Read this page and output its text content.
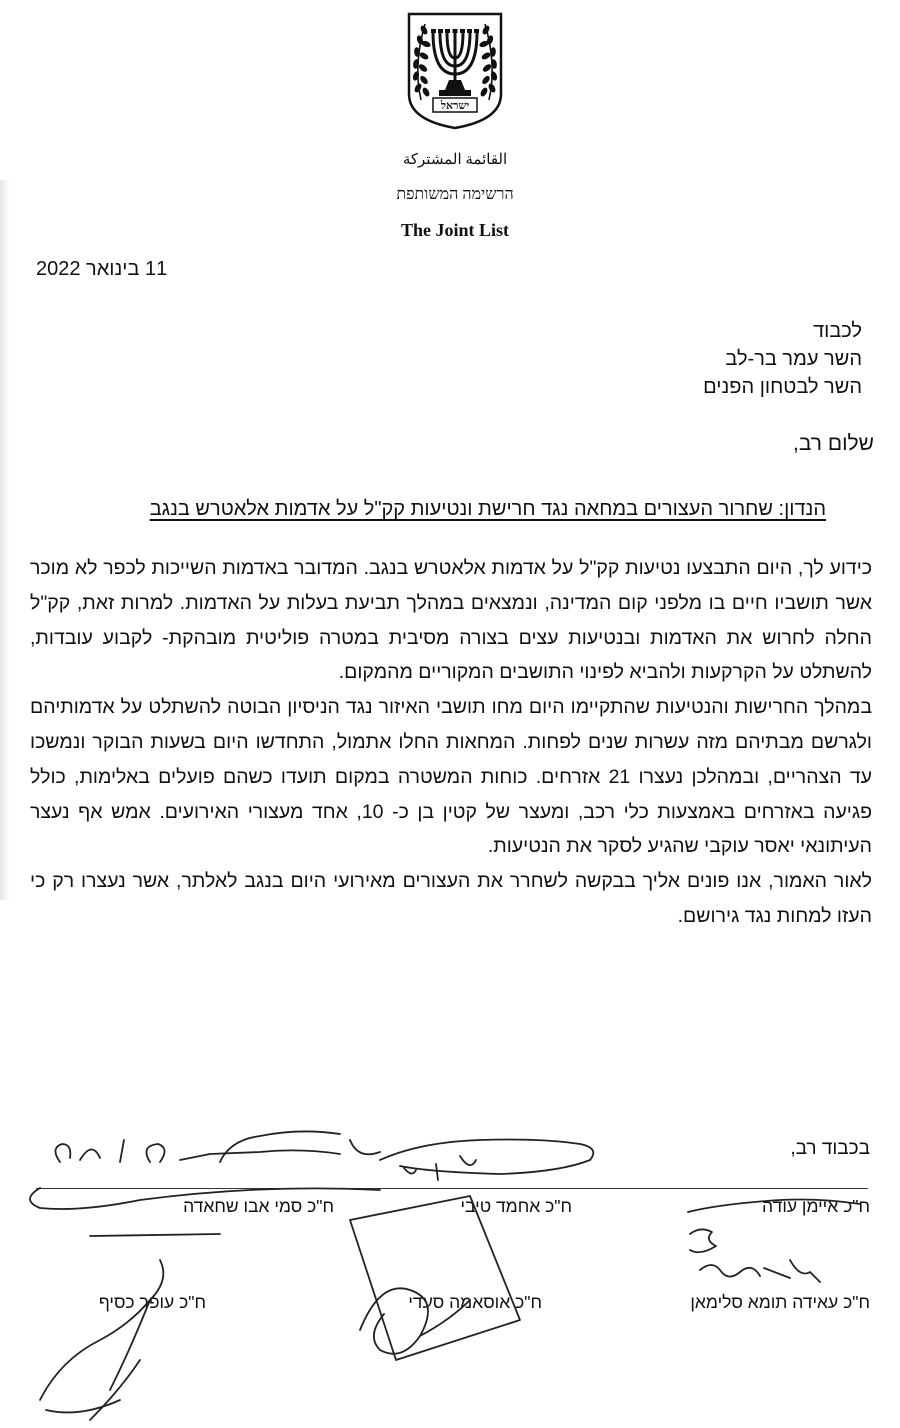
ישראל
القائمة المشتركة
הרשימה המשותפת
The Joint List
11 בינואר 2022
לכבוד
השר עמר בר-לב
השר לבטחון הפנים
שלום רב,
הנדון: שחרור העצורים במחאה נגד חרישת ונטיעות קק"ל על אדמות אלאטרש בנגב

כידוע לך, היום התבצעו נטיעות קק"ל על אדמות אלאטרש בנגב. המדובר באדמות השייכות לכפר לא מוכר אשר תושביו חיים בו מלפני קום המדינה, ונמצאים במהלך תביעת בעלות על האדמות. למרות זאת, קק"ל החלה לחרוש את האדמות ובנטיעות עצים בצורה מסיבית במטרה פוליטית מובהקת- לקבוע עובדות, להשתלט על הקרקעות ולהביא לפינוי התושבים המקוריים מהמקום.

במהלך החרישות והנטיעות שהתקיימו היום מחו תושבי האיזור נגד הניסיון הבוטה להשתלט על אדמותיהם ולגרשם מבתיהם מזה עשרות שנים לפחות. המחאות החלו אתמול, התחדשו היום בשעות הבוקר ונמשכו עד הצהריים, ובמהלכן נעצרו 21 אזרחים. כוחות המשטרה במקום תועדו כשהם פועלים באלימות, כולל פגיעה באזרחים באמצעות כלי רכב, ומעצר של קטין בן כ- 10, אחד מעצורי האירועים. אמש אף נעצר העיתונאי יאסר עוקבי שהגיע לסקר את הנטיעות.

לאור האמור, אנו פונים אליך בבקשה לשחרר את העצורים מאירועי היום בנגב לאלתר, אשר נעצרו רק כי העזו למחות נגד גירושם.

בכבוד רב,
ח"כ איימן עודה
ח"כ אחמד טיבי
ח"כ סמי אבו שחאדה
ח"כ עאידה תומא סלימאן
ח"כ אוסאמה סעדי
ח"כ עופר כסיף
